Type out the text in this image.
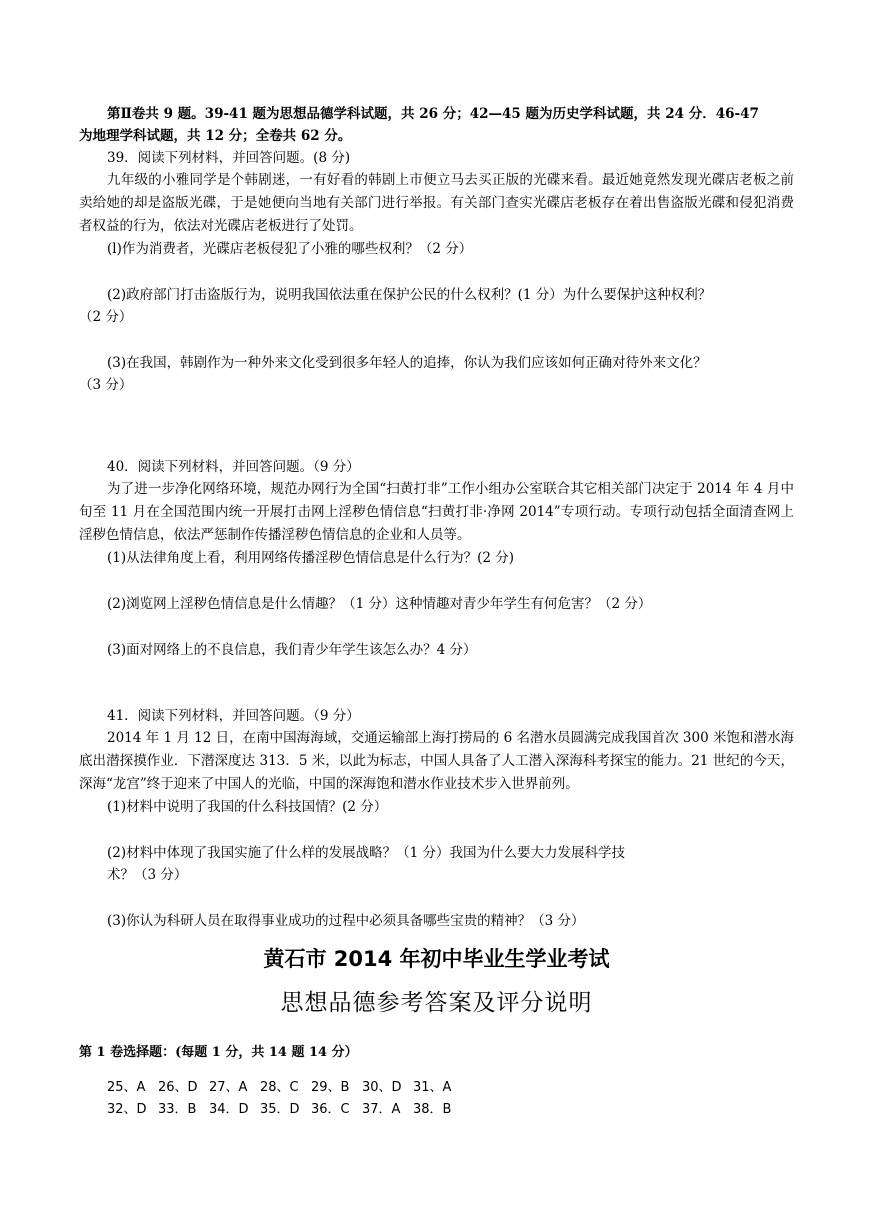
第Ⅱ卷共 9 题。39-41 题为思想品德学科试题，共 26 分；42—45 题为历史学科试题，共 24 分．46-47

为地理学科试题，共 12 分；全卷共 62 分。

39．阅读下列材料，并回答问题。(8 分)

九年级的小雅同学是个韩剧迷，一有好看的韩剧上市便立马去买正版的光碟来看。最近她竟然发现光碟店老板之前卖给她的却是盗版光碟，于是她便向当地有关部门进行举报。有关部门查实光碟店老板存在着出售盗版光碟和侵犯消费者权益的行为，依法对光碟店老板进行了处罚。

(l)作为消费者，光碟店老板侵犯了小雅的哪些权利？（2 分）

(2)政府部门打击盗版行为，说明我国依法重在保护公民的什么权利？(1 分）为什么要保护这种权利？

（2 分）

(3)在我国，韩剧作为一种外来文化受到很多年轻人的追捧，你认为我们应该如何正确对待外来文化？

（3 分）

40．阅读下列材料，并回答问题。（9 分）

为了进一步净化网络环境，规范办网行为全国“扫黄打非”工作小组办公室联合其它相关部门决定于 2014 年 4 月中旬至 11 月在全国范围内统一开展打击网上淫秽色情信息“扫黄打非·净网 2014”专项行动。专项行动包括全面清查网上淫秽色情信息，依法严惩制作传播淫秽色情信息的企业和人员等。

(1)从法律角度上看，利用网络传播淫秽色情信息是什么行为？(2 分)

(2)浏览网上淫秽色情信息是什么情趣？（1 分）这种情趣对青少年学生有何危害？（2 分）

(3)面对网络上的不良信息，我们青少年学生该怎么办？4 分）

41．阅读下列材料，并回答问题。（9 分）

2014 年 1 月 12 日，在南中国海海域，交通运输部上海打捞局的 6 名潜水员圆满完成我国首次 300 米饱和潜水海底出潜探摸作业．下潜深度达 313．5 米，以此为标志，中国人具备了人工潜入深海科考探宝的能力。21 世纪的今天，深海“龙宫”终于迎来了中国人的光临，中国的深海饱和潜水作业技术步入世界前列。

(1)材料中说明了我国的什么科技国情？(2 分）

(2)材料中体现了我国实施了什么样的发展战略？（1 分）我国为什么要大力发展科学技

术？（3 分）

(3)你认为科研人员在取得事业成功的过程中必须具备哪些宝贵的精神？（3 分）

黄石市 2014 年初中毕业生学业考试
思想品德参考答案及评分说明

第 1 卷选择题：(每题 1 分，共 14 题 14 分）

25、A 26、D 27、A 28、C 29、B 30、D 31、A
32、D 33．B 34．D 35．D 36．C 37．A 38．B
